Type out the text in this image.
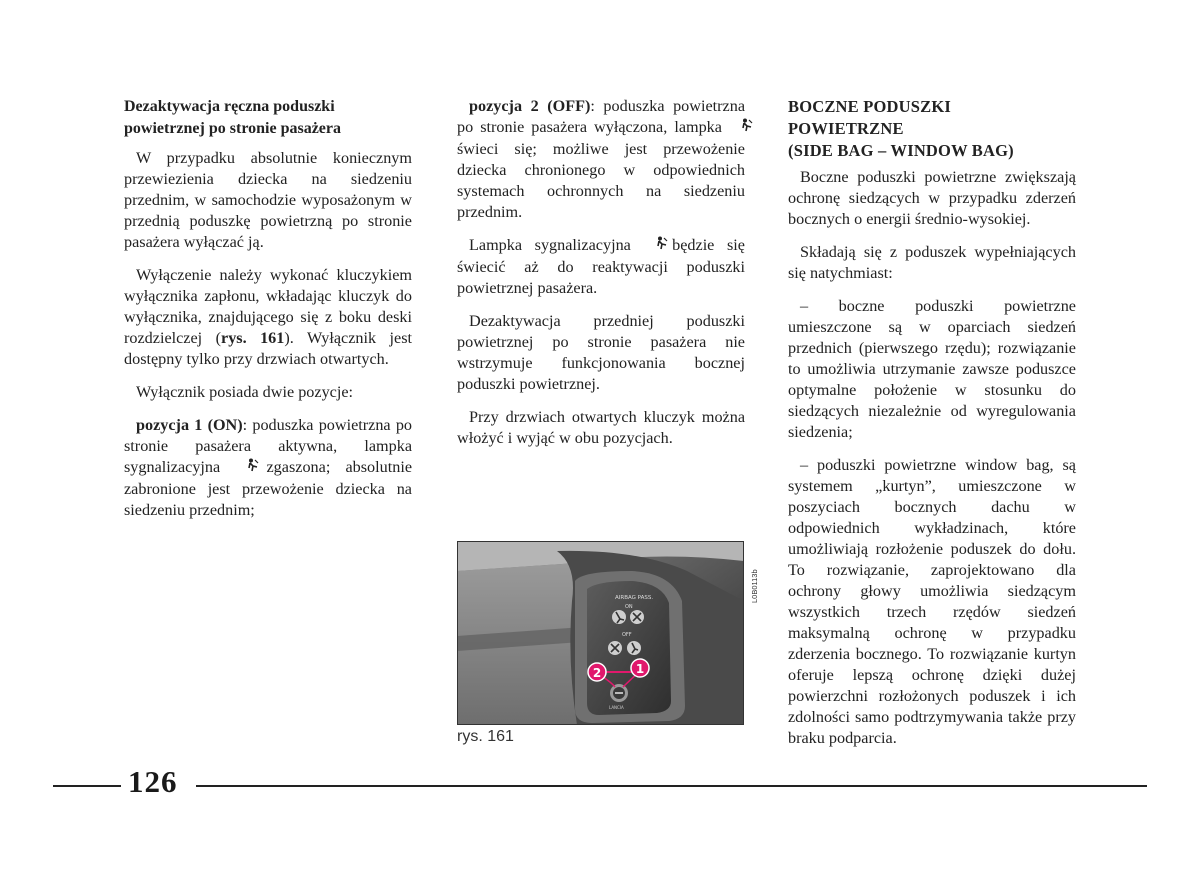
Dezaktywacja ręczna poduszki powietrznej po stronie pasażera

W przypadku absolutnie koniecznym przewiezienia dziecka na siedzeniu przednim, w samochodzie wyposażonym w przednią poduszkę powietrzną po stronie pasażera wyłączać ją.

Wyłączenie należy wykonać kluczykiem wyłącznika zapłonu, wkładając kluczyk do wyłącznika, znajdującego się z boku deski rozdzielczej (rys. 161). Wyłącznik jest dostępny tylko przy drzwiach otwartych.

Wyłącznik posiada dwie pozycje:

pozycja 1 (ON): poduszka powietrzna po stronie pasażera aktywna, lampka sygnalizacyjna  zgaszona; absolutnie zabronione jest przewożenie dziecka na siedzeniu przednim;

pozycja 2 (OFF): poduszka powietrzna po stronie pasażera wyłączona, lampka  świeci się; możliwe jest przewożenie dziecka chronionego w odpowiednich systemach ochronnych na siedzeniu przednim.

Lampka sygnalizacyjna  będzie się świecić aż do reaktywacji poduszki powietrznej pasażera.

Dezaktywacja przedniej poduszki powietrznej po stronie pasażera nie wstrzymuje funkcjonowania bocznej poduszki powietrznej.

Przy drzwiach otwartych kluczyk można włożyć i wyjąć w obu pozycjach.

BOCZNE PODUSZKI
POWIETRZNE
(SIDE BAG – WINDOW BAG)

Boczne poduszki powietrzne zwiększają ochronę siedzących w przypadku zderzeń bocznych o energii średnio-wysokiej.

Składają się z poduszek wypełniających się natychmiast:

– boczne poduszki powietrzne umieszczone są w oparciach siedzeń przednich (pierwszego rzędu); rozwiązanie to umożliwia utrzymanie zawsze poduszce optymalne położenie w stosunku do siedzących niezależnie od wyregulowania siedzenia;

– poduszki powietrzne window bag, są systemem „kurtyn”, umieszczone w poszyciach bocznych dachu w odpowiednich wykładzinach, które umożliwiają rozłożenie poduszek do dołu. To rozwiązanie, zaprojektowano dla ochrony głowy umożliwia siedzącym wszystkich trzech rzędów siedzeń maksymalną ochronę w przypadku zderzenia bocznego. To rozwiązanie kurtyn oferuje lepszą ochronę dzięki dużej powierzchni rozłożonych poduszek i ich zdolności samo podtrzymywania także przy braku podparcia.

AIRBAG PASS.
ON
OFF
LANCIA
2	1
L0B0113b
rys. 161
126
